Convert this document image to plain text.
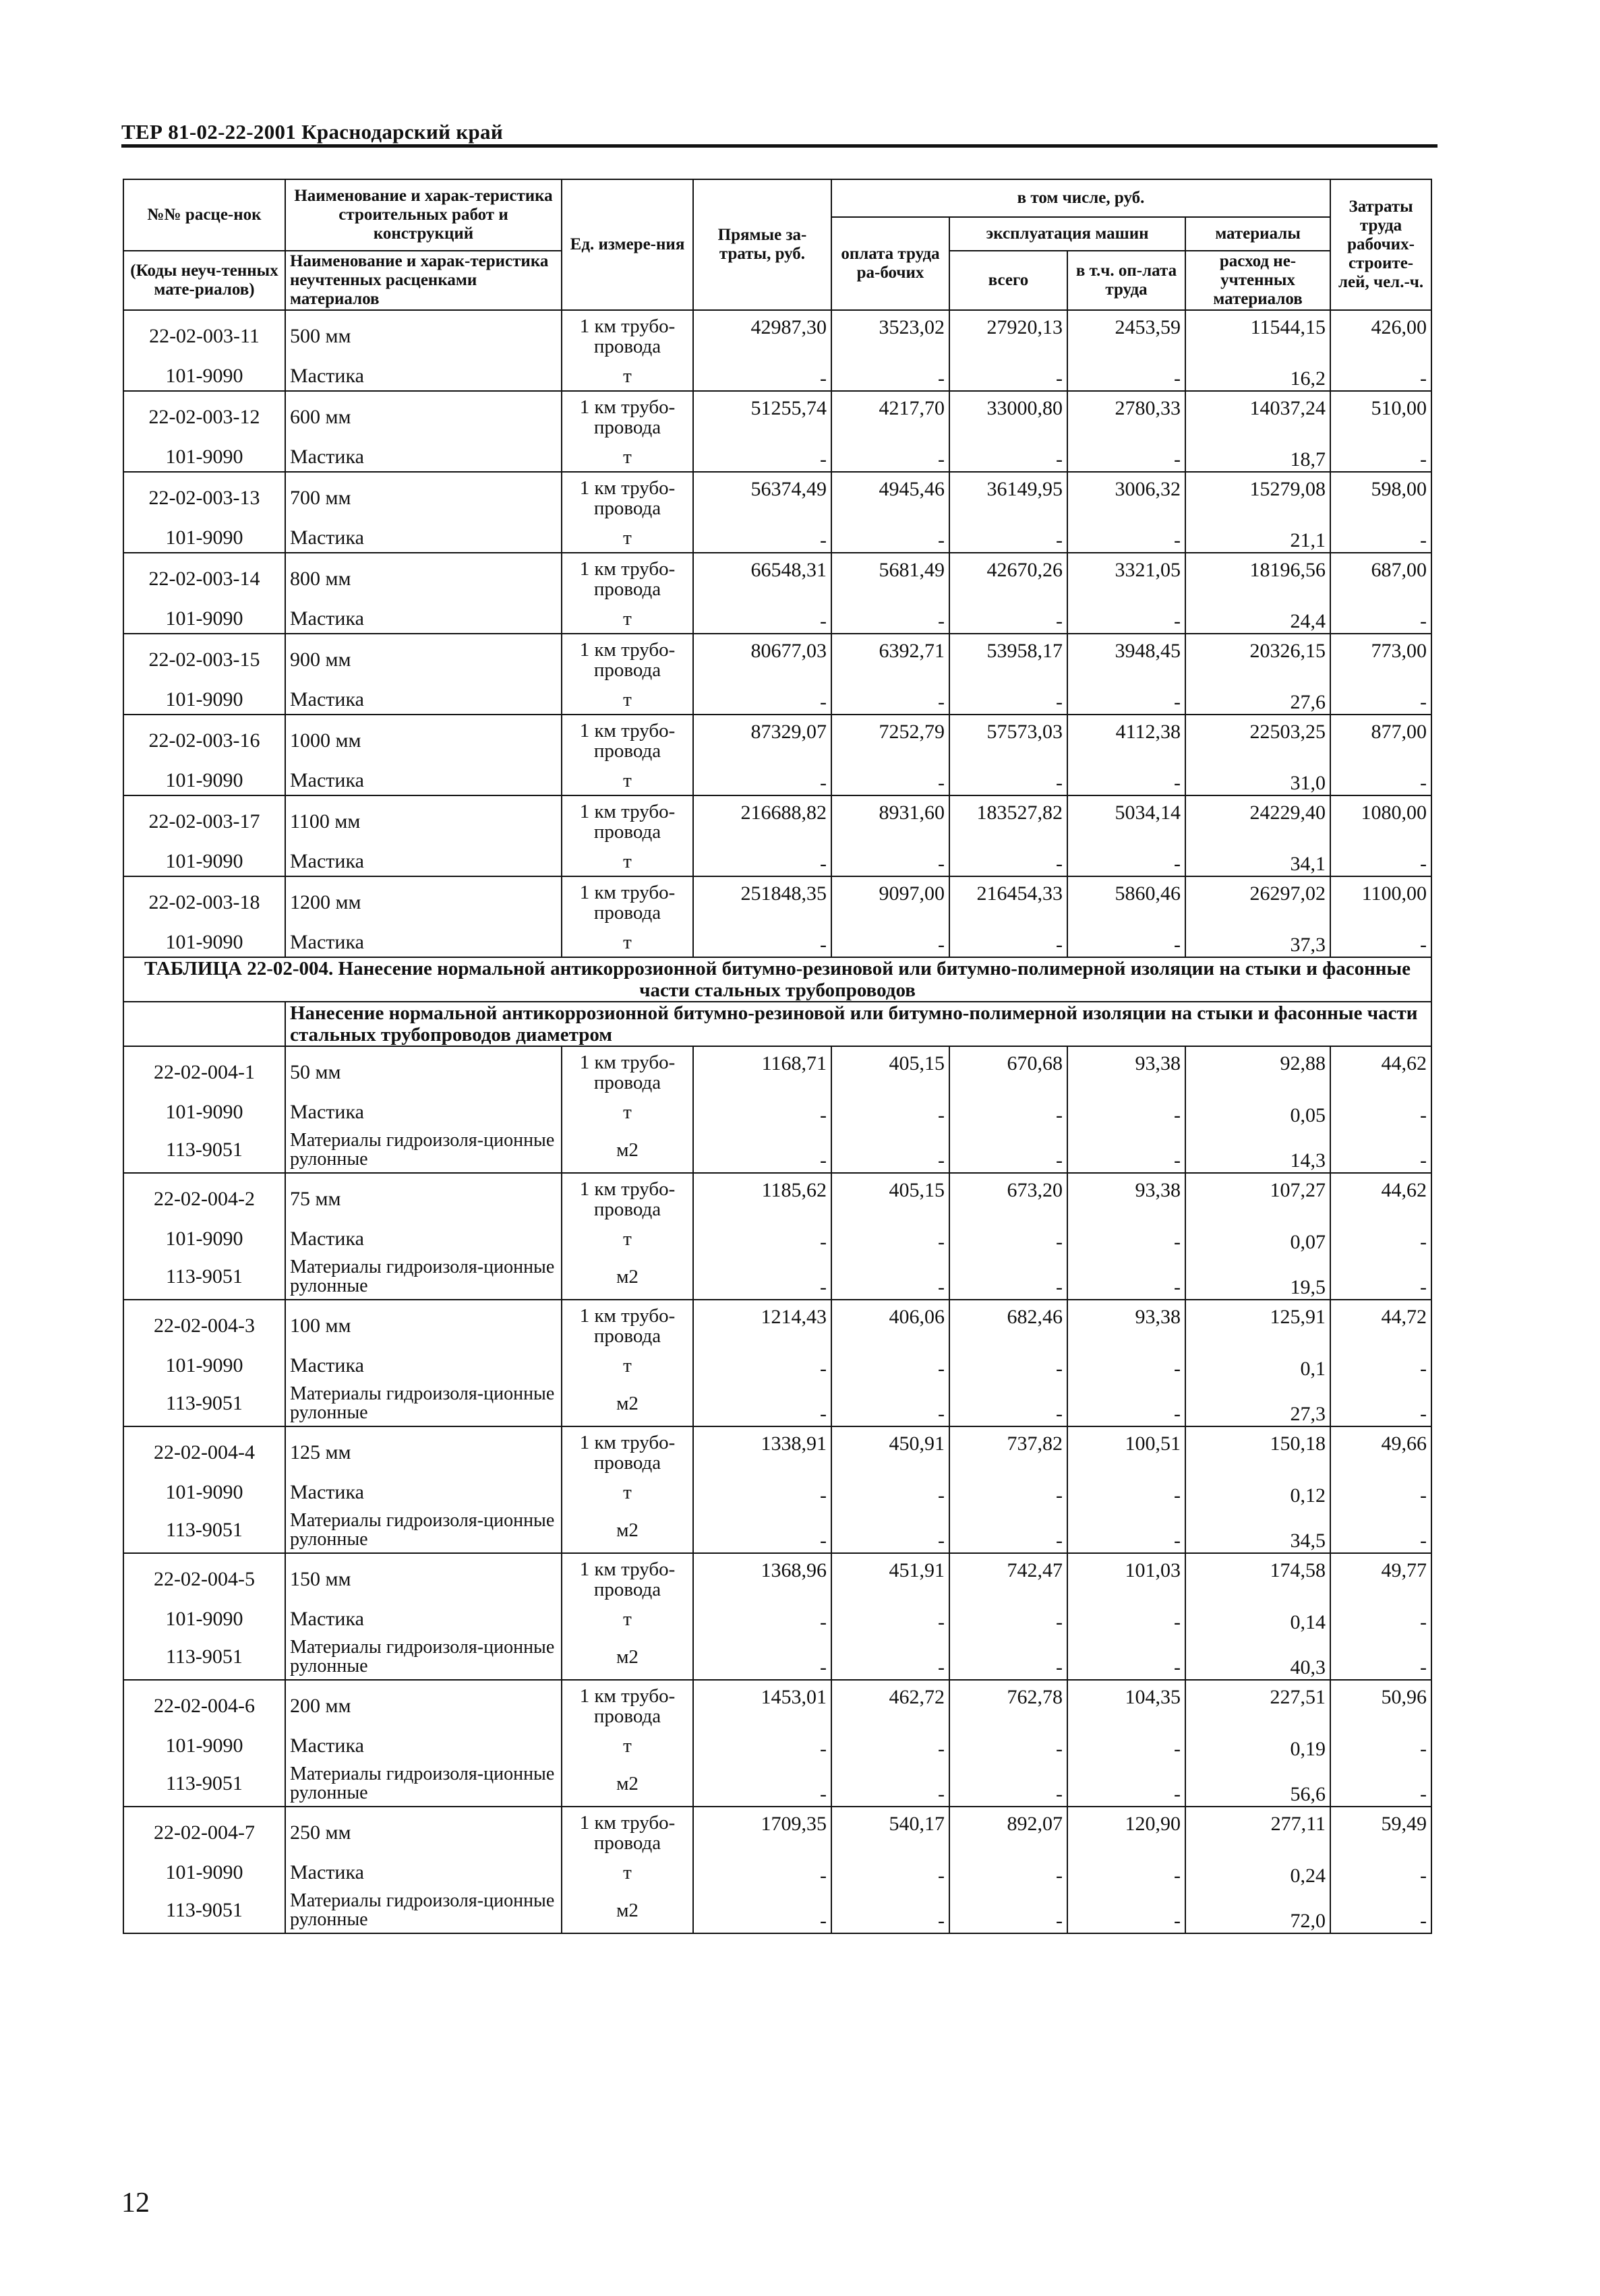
ТЕР 81-02-22-2001 Краснодарский край
№№ расце-нок	Наименование и харак-теристика строительных работ и конструкций	Ед. измере-ния	Прямые за-траты, руб.	в том числе, руб.				Затраты труда рабочих-строите-лей, чел.-ч.
				оплата труда ра-бочих	эксплуатация машин		материалы	
(Коды неуч-тенных мате-риалов)	Наименование и харак-теристика неучтенных расценками материалов				всего	в т.ч. оп-лата труда	расход не-учтенных материалов	
22-02-003-11	500 мм	1 км трубо-провода	42987,30	3523,02	27920,13	2453,59	11544,15	426,00
101-9090	Мастика	т	-	-	-	-	16,2	-
22-02-003-12	600 мм	1 км трубо-провода	51255,74	4217,70	33000,80	2780,33	14037,24	510,00
101-9090	Мастика	т	-	-	-	-	18,7	-
22-02-003-13	700 мм	1 км трубо-провода	56374,49	4945,46	36149,95	3006,32	15279,08	598,00
101-9090	Мастика	т	-	-	-	-	21,1	-
22-02-003-14	800 мм	1 км трубо-провода	66548,31	5681,49	42670,26	3321,05	18196,56	687,00
101-9090	Мастика	т	-	-	-	-	24,4	-
22-02-003-15	900 мм	1 км трубо-провода	80677,03	6392,71	53958,17	3948,45	20326,15	773,00
101-9090	Мастика	т	-	-	-	-	27,6	-
22-02-003-16	1000 мм	1 км трубо-провода	87329,07	7252,79	57573,03	4112,38	22503,25	877,00
101-9090	Мастика	т	-	-	-	-	31,0	-
22-02-003-17	1100 мм	1 км трубо-провода	216688,82	8931,60	183527,82	5034,14	24229,40	1080,00
101-9090	Мастика	т	-	-	-	-	34,1	-
22-02-003-18	1200 мм	1 км трубо-провода	251848,35	9097,00	216454,33	5860,46	26297,02	1100,00
101-9090	Мастика	т	-	-	-	-	37,3	-
ТАБЛИЦА 22-02-004. Нанесение нормальной антикоррозионной битумно-резиновой или битумно-полимерной изоляции на стыки и фасонные части стальных трубопроводов								
	Нанесение нормальной антикоррозионной битумно-резиновой или битумно-полимерной изоляции на стыки и фасонные части стальных трубопроводов диаметром							
22-02-004-1	50 мм	1 км трубо-провода	1168,71	405,15	670,68	93,38	92,88	44,62
101-9090	Мастика	т	-	-	-	-	0,05	-
113-9051	Материалы гидроизоля-ционные рулонные	м2	-	-	-	-	14,3	-
22-02-004-2	75 мм	1 км трубо-провода	1185,62	405,15	673,20	93,38	107,27	44,62
101-9090	Мастика	т	-	-	-	-	0,07	-
113-9051	Материалы гидроизоля-ционные рулонные	м2	-	-	-	-	19,5	-
22-02-004-3	100 мм	1 км трубо-провода	1214,43	406,06	682,46	93,38	125,91	44,72
101-9090	Мастика	т	-	-	-	-	0,1	-
113-9051	Материалы гидроизоля-ционные рулонные	м2	-	-	-	-	27,3	-
22-02-004-4	125 мм	1 км трубо-провода	1338,91	450,91	737,82	100,51	150,18	49,66
101-9090	Мастика	т	-	-	-	-	0,12	-
113-9051	Материалы гидроизоля-ционные рулонные	м2	-	-	-	-	34,5	-
22-02-004-5	150 мм	1 км трубо-провода	1368,96	451,91	742,47	101,03	174,58	49,77
101-9090	Мастика	т	-	-	-	-	0,14	-
113-9051	Материалы гидроизоля-ционные рулонные	м2	-	-	-	-	40,3	-
22-02-004-6	200 мм	1 км трубо-провода	1453,01	462,72	762,78	104,35	227,51	50,96
101-9090	Мастика	т	-	-	-	-	0,19	-
113-9051	Материалы гидроизоля-ционные рулонные	м2	-	-	-	-	56,6	-
22-02-004-7	250 мм	1 км трубо-провода	1709,35	540,17	892,07	120,90	277,11	59,49
101-9090	Мастика	т	-	-	-	-	0,24	-
113-9051	Материалы гидроизоля-ционные рулонные	м2	-	-	-	-	72,0	-
12
